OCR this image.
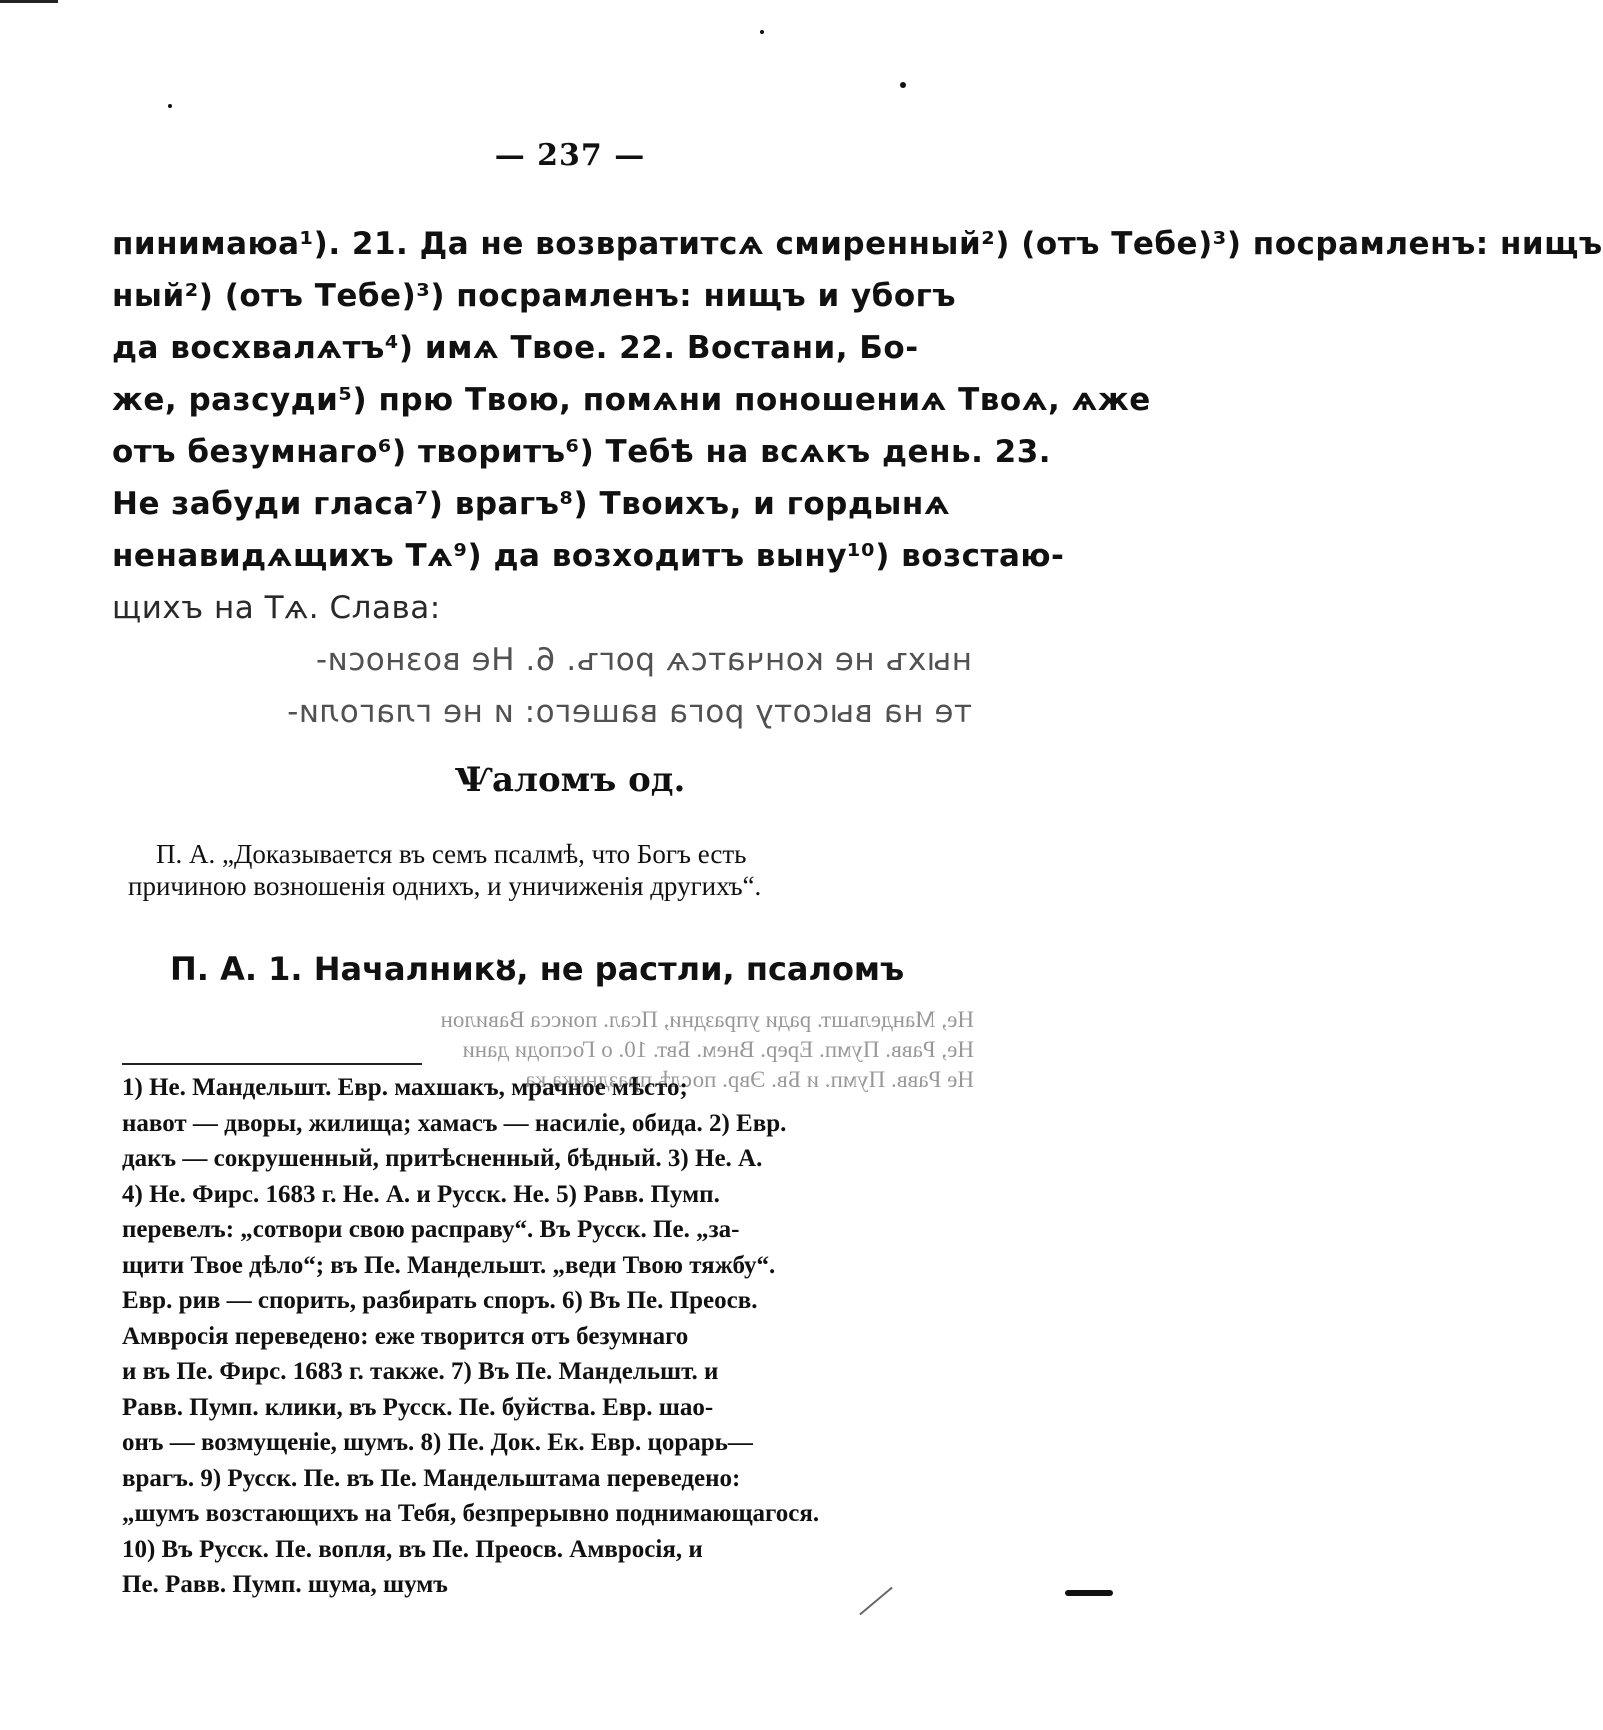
— 237 —
пинимаюа¹). 21. Да не возвратитсѧ смиренный²) (отъ Тебе)³) посрамленъ: нищъ
ный²) (отъ Тебе)³) посрамленъ: нищъ и убогъ
да восхвалѧтъ⁴) имѧ Твое. 22. Воcтани, Бо-
же, разсуди⁵) прю Твою, помѧни поношениѧ Твоѧ, ѧже
отъ безумнаго⁶) творитъ⁶) Тебѣ на всѧкъ день. 23.
Не забуди гласа⁷) врагъ⁸) Твоихъ, и гордынѧ
ненавидѧщихъ Тѧ⁹) да возходитъ выну¹⁰) возстаю-
щихъ на Тѧ. Слава:
ныхъ не кончатсѧ рогъ. 6. Не возноси-
те на высоту рога вашего: и не глаголи-
Ѱаломъ од.

П. А. „Доказывается въ семъ псалмѣ, что Богъ есть

причиною возношенія однихъ, и уничиженія другихъ“.

П. А. 1. Началникȣ, не растли, псаломъ
Не, Мандельшт. ради упраздни, Псал. поисса Вавилон
Не, Равв. Пумп. Ерер. Внем. Бвт. 10. о Господи дани
Не Равв. Пумп. и Бв. Эвр. послѣ праздника ка
1) Не. Мандельшт. Евр. махшакъ, мрачное мѣсто;
навот — дворы, жилища; хамасъ — насиліе, обида. 2) Евр.
дакъ — сокрушенный, притѣсненный, бѣдный. 3) Не. А.
4) Не. Фирс. 1683 г. Не. А. и Русск. Не. 5) Равв. Пумп.
перевелъ: „сотвори свою расправу“. Въ Русск. Пе. „за-
щити Твое дѣло“; въ Пе. Мандельшт. „веди Твою тяжбу“.
Евр. рив — спорить, разбирать споръ. 6) Въ Пе. Преосв.
Амвросія переведено: еже творится отъ безумнаго
и въ Пе. Фирс. 1683 г. также. 7) Въ Пе. Мандельшт. и
Равв. Пумп. клики, въ Русск. Пе. буйства. Евр. шао-
онъ — возмущеніе, шумъ. 8) Пе. Док. Ек. Евр. цорарь—
врагъ. 9) Русск. Пе. въ Пе. Мандельштама переведено:
„шумъ возстающихъ на Тебя, безпрерывно поднимающагося.
10) Въ Русск. Пе. вопля, въ Пе. Преосв. Амвросія, и
Пе. Равв. Пумп. шума, шумъ
